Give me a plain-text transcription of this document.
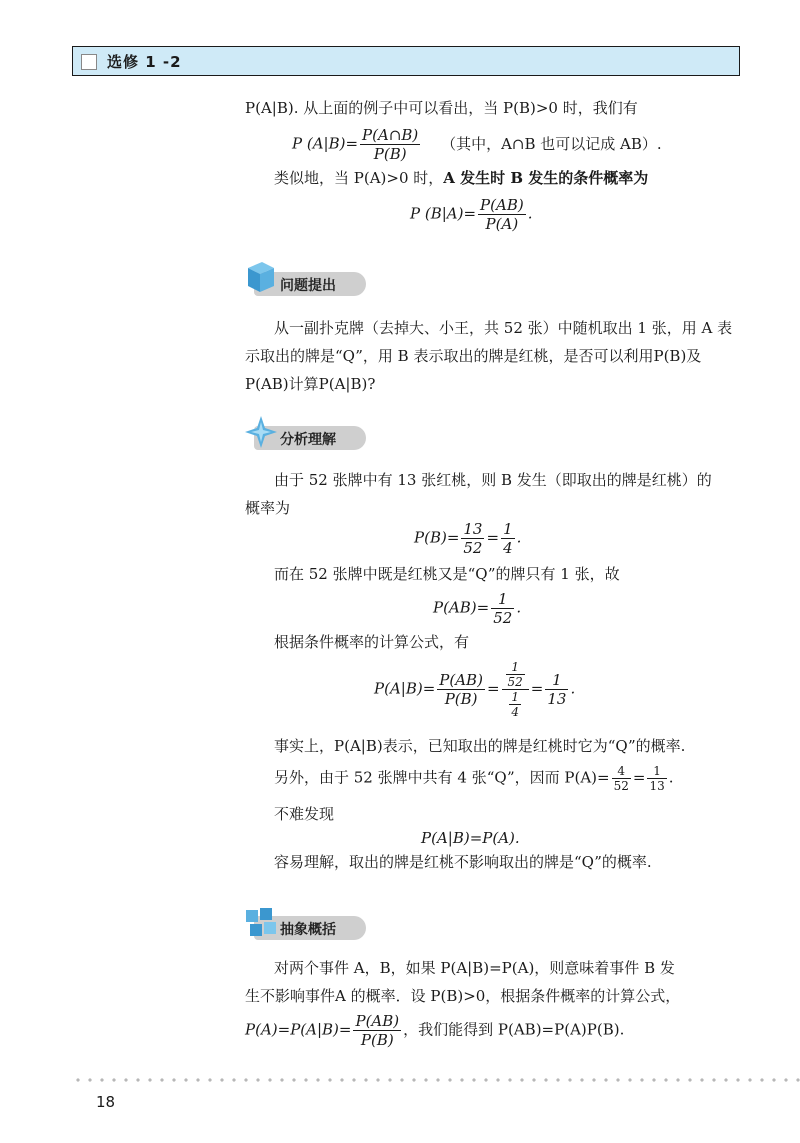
选修 1 -2
P(A|B). 从上面的例子中可以看出，当 P(B)>0 时，我们有
P $(A|B)= \frac{P(A\cap B)}{P(B)}$ （其中，A∩B 也可以记成 AB）.
类似地，当 P(A)>0 时，A 发生时 B 发生的条件概率为
P $(B|A)= \frac{P(AB)}{P(A)}$ .
问题提出
从一副扑克牌（去掉大、小王，共 52 张）中随机取出 1 张，用 A 表
示取出的牌是“Q”，用 B 表示取出的牌是红桃，是否可以利用P(B)及
P(AB)计算P(A|B)?
分析理解
由于 52 张牌中有 13 张红桃，则 B 发生（即取出的牌是红桃）的
概率为
$P(B)= \frac{13}{52} = \frac{1}{4}$ .
而在 52 张牌中既是红桃又是“Q”的牌只有 1 张，故
$P(AB)= \frac{1}{52}$ .
根据条件概率的计算公式，有
$P(A|B)= \frac{P(AB)}{P(B)} = \frac{\frac{1}{52}}{\frac{1}{4}} = \frac{1}{13}$ .
事实上，P(A|B)表示，已知取出的牌是红桃时它为“Q”的概率.
另外，由于 52 张牌中共有 4 张“Q”，因而 $P(A)= \frac{4}{52} = \frac{1}{13}$ .
不难发现
P(A|B)=P(A).
容易理解，取出的牌是红桃不影响取出的牌是“Q”的概率.
抽象概括
对两个事件 A，B，如果 P(A|B)=P(A)，则意味着事件 B 发
生不影响事件A 的概率．设 P(B)>0，根据条件概率的计算公式，
$P(A)=P(A|B)= \frac{P(AB)}{P(B)}$ ，我们能得到 P(AB)=P(A)P(B).
18
